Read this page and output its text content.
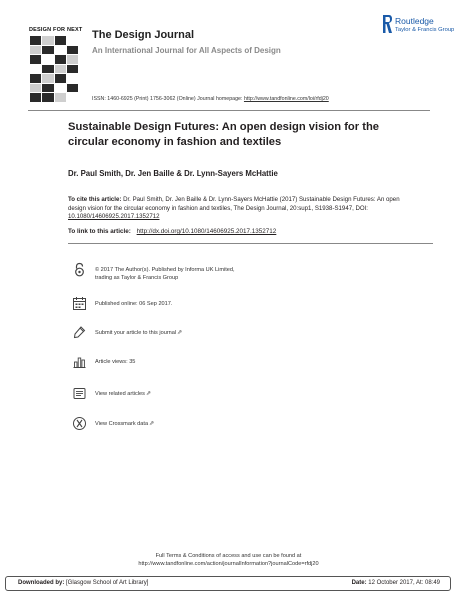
DESIGN FOR NEXT The Design Journal
An International Journal for All Aspects of Design
Routledge
Taylor & Francis Group
ISSN: 1460-6925 (Print) 1756-3062 (Online) Journal homepage: http://www.tandfonline.com/loi/rfdj20
Sustainable Design Futures: An open design vision for the circular economy in fashion and textiles
Dr. Paul Smith, Dr. Jen Baille & Dr. Lynn-Sayers McHattie
To cite this article: Dr. Paul Smith, Dr. Jen Baille & Dr. Lynn-Sayers McHattie (2017) Sustainable Design Futures: An open design vision for the circular economy in fashion and textiles, The Design Journal, 20:sup1, S1938-S1947, DOI: 10.1080/14606925.2017.1352712
To link to this article: http://dx.doi.org/10.1080/14606925.2017.1352712
© 2017 The Author(s). Published by Informa UK Limited, trading as Taylor & Francis Group
Published online: 06 Sep 2017.
Submit your article to this journal⇗
Article views: 35
View related articles⇗
View Crossmark data⇗
Full Terms & Conditions of access and use can be found at
http://www.tandfonline.com/action/journalInformation?journalCode=rfdj20
Downloaded by: [Glasgow School of Art Library]	Date: 12 October 2017, At: 08:49
